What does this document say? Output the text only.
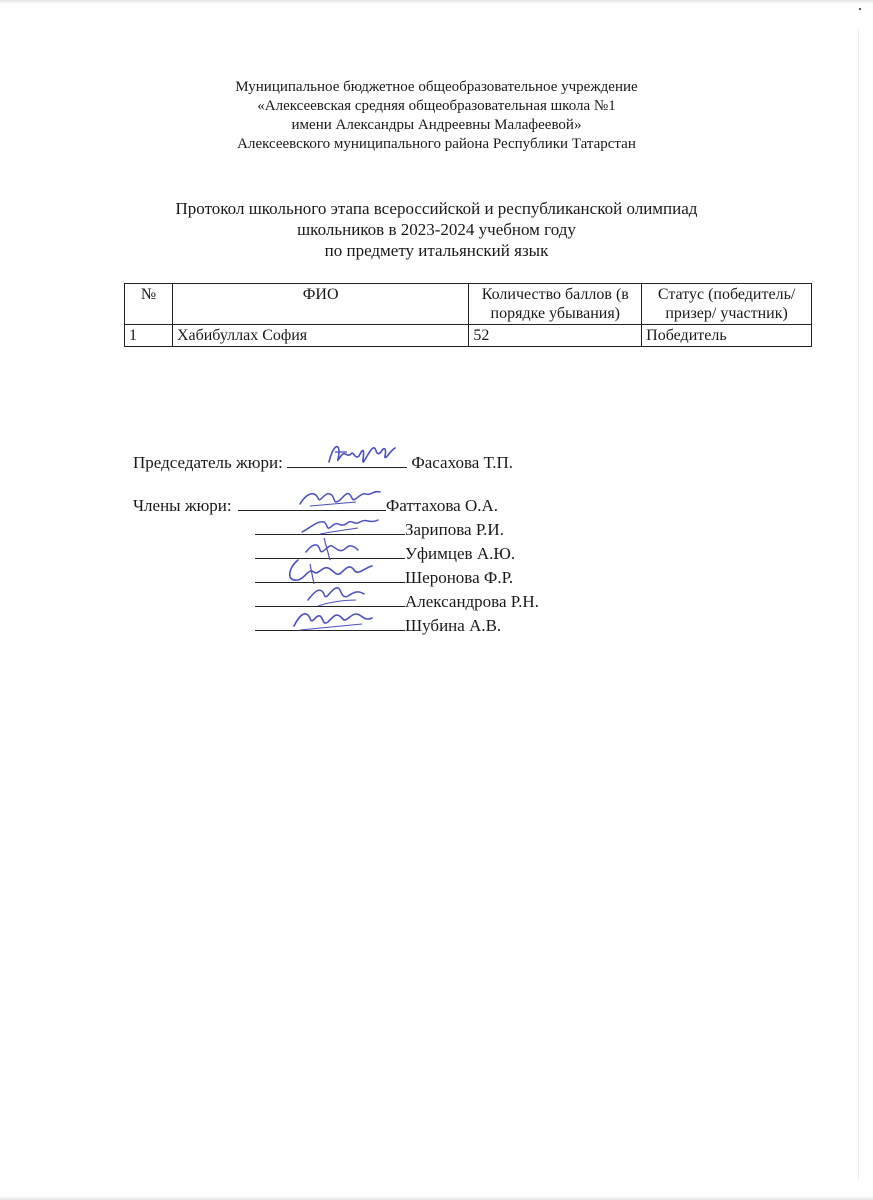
Муниципальное бюджетное общеобразовательное учреждение
«Алексеевская средняя общеобразовательная школа №1
имени Александры Андреевны Малафеевой»
Алексеевского муниципального района Республики Татарстан
Протокол школьного этапа всероссийской и республиканской олимпиад
школьников в 2023-2024 учебном году
по предмету итальянский язык
№	ФИО	Количество баллов (в порядке убывания)	Статус (победитель/ призер/ участник)
1	Хабибуллах София	52	Победитель
Председатель жюри:	Фасахова Т.П.
Члены жюри:	Фаттахова О.А.
Зарипова Р.И.
Уфимцев А.Ю.
Шеронова Ф.Р.
Александрова Р.Н.
Шубина А.В.
